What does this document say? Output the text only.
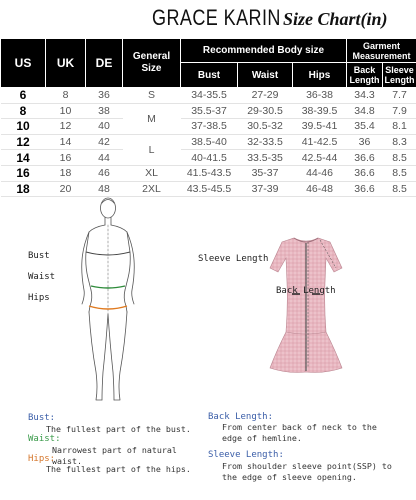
GRACE KARIN Size Chart(in)
US	UK	DE	General Size	Recommended Body size			Garment Measurement	
				Bust	Waist	Hips	Back Length	Sleeve Length
6	8	36	S	34-35.5	27-29	36-38	34.3	7.7
8	10	38	M	35.5-37	29-30.5	38-39.5	34.8	7.9
10	12	40		37-38.5	30.5-32	39.5-41	35.4	8.1
12	14	42	L	38.5-40	32-33.5	41-42.5	36	8.3
14	16	44		40-41.5	33.5-35	42.5-44	36.6	8.5
16	18	46	XL	41.5-43.5	35-37	44-46	36.6	8.5
18	20	48	2XL	43.5-45.5	37-39	46-48	36.6	8.5
Bust
Waist
Hips
Sleeve Length
Back Length
Bust:
The fullest part of the bust.
Waist:
Narrowest part of natural waist.
Hips:
The fullest part of the hips.
Back Length:
From center back of neck to the edge of hemline.
Sleeve Length:
From shoulder sleeve point(SSP) to the edge of sleeve opening.
